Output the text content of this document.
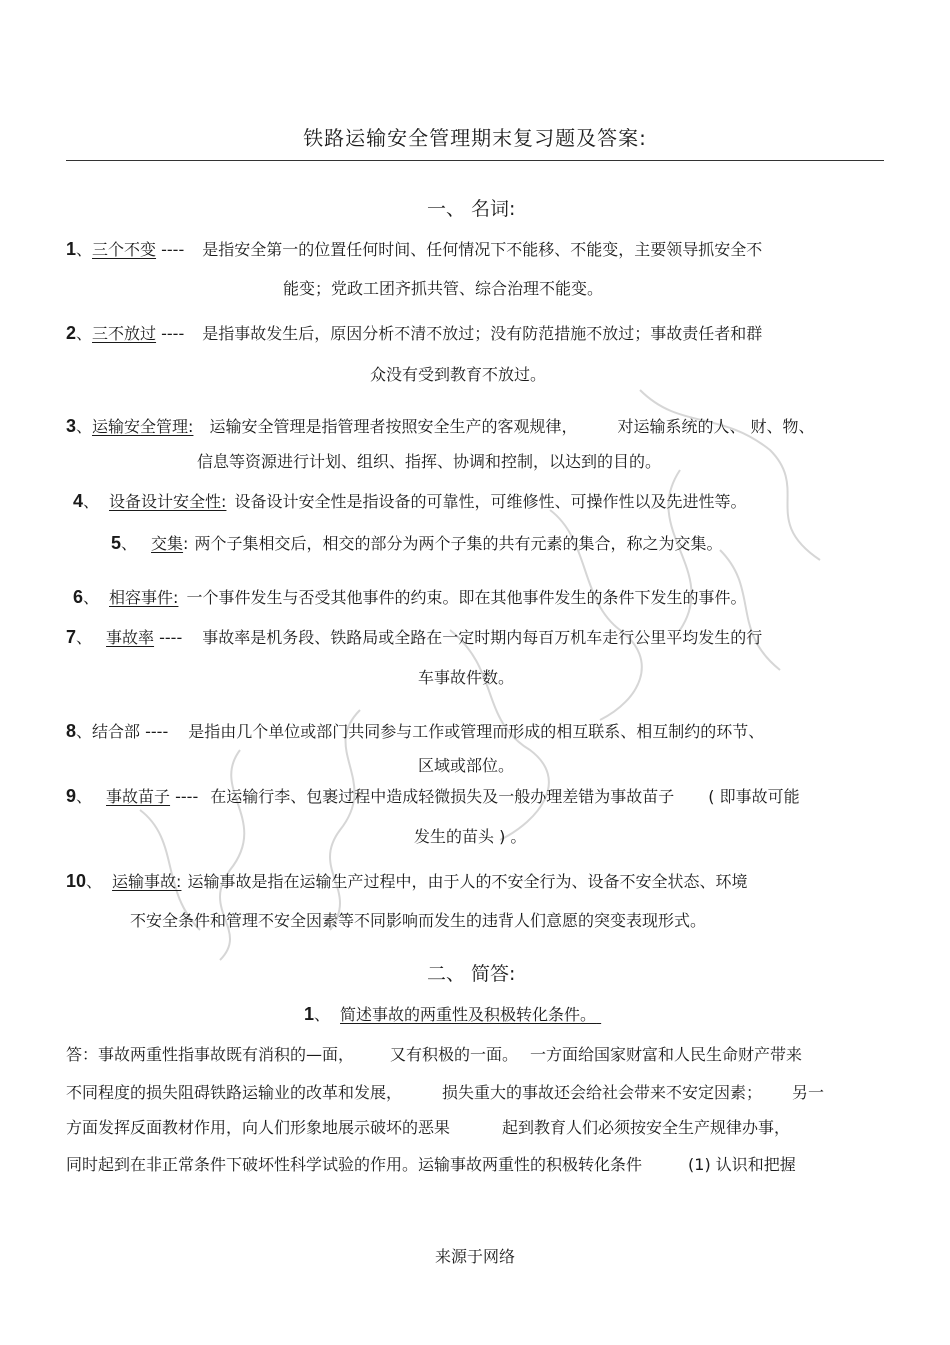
铁路运输安全管理期末复习题及答案:
一、 名词:
1、三个不变 ---- 是指安全第一的位置任何时间、任何情况下不能移、不能变，主要领导抓安全不
能变；党政工团齐抓共管、综合治理不能变。
2、三不放过 ---- 是指事故发生后，原因分析不清不放过；没有防范措施不放过；事故责任者和群
众没有受到教育不放过。
3、运输安全管理: 运输安全管理是指管理者按照安全生产的客观规律，	对运输系统的人、 财、物、
信息等资源进行计划、组织、指挥、协调和控制，以达到的目的。
4、 设备设计安全性: 设备设计安全性是指设备的可靠性，可维修性、可操作性以及先进性等。
5、 交集: 两个子集相交后，相交的部分为两个子集的共有元素的集合，称之为交集。
6、 相容事件: 一个事件发生与否受其他事件的约束。即在其他事件发生的条件下发生的事件。
7、 事故率 ---- 事故率是机务段、铁路局或全路在一定时期内每百万机车走行公里平均发生的行
车事故件数。
8、结合部 ---- 是指由几个单位或部门共同参与工作或管理而形成的相互联系、相互制约的环节、
区域或部位。
9、 事故苗子 ---- 在运输行李、包裹过程中造成轻微损失及一般办理差错为事故苗子 ( 即事故可能
发生的苗头 ) 。
10、 运输事故: 运输事故是指在运输生产过程中，由于人的不安全行为、设备不安全状态、环境
不安全条件和管理不安全因素等不同影响而发生的违背人们意愿的突变表现形式。
二、 简答:
1、 简述事故的两重性及积极转化条件。
答：事故两重性指事故既有消积的—面， 又有积极的一面。 一方面给国家财富和人民生命财产带来
不同程度的损失阻碍铁路运输业的改革和发展，	损失重大的事故还会给社会带来不安定因素； 另一
方面发挥反面教材作用，向人们形象地展示破坏的恶果	起到教育人们必须按安全生产规律办事，
同时起到在非正常条件下破坏性科学试验的作用。运输事故两重性的积极转化条件	(1) 认识和把握
来源于网络
